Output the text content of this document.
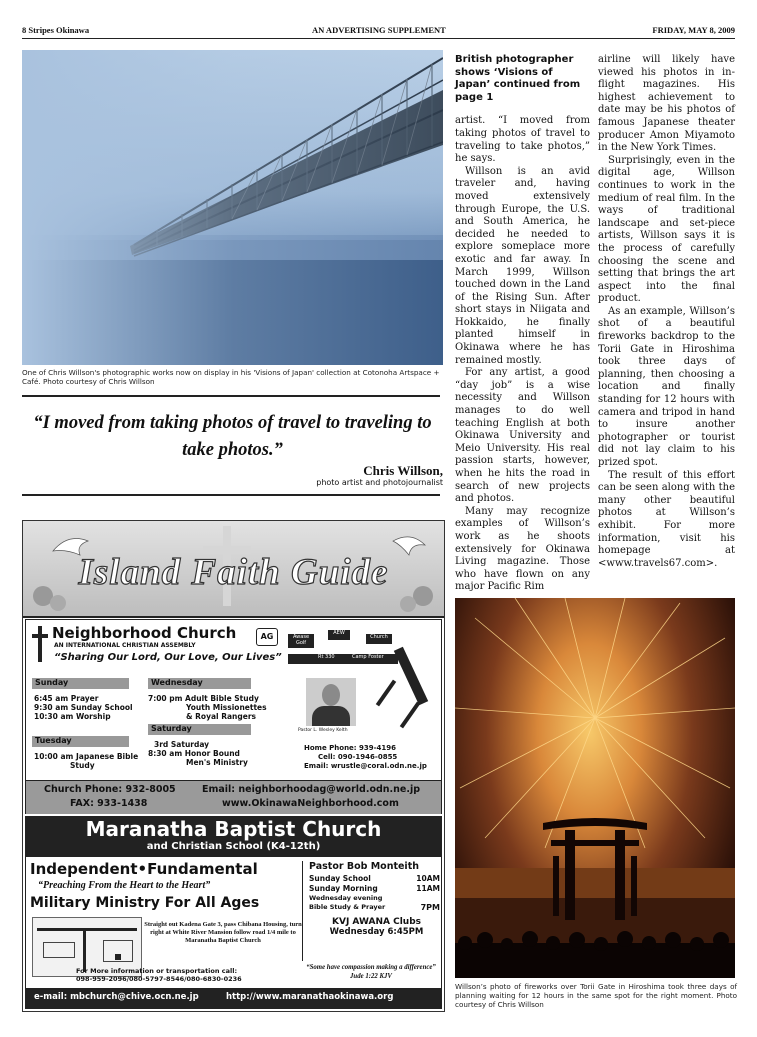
8 Stripes Okinawa	AN ADVERTISING SUPPLEMENT	FRIDAY, MAY 8, 2009
One of Chris Willson's photographic works now on display in his 'Visions of Japan' collection at Cotonoha Artspace + Café. Photo courtesy of Chris Willson
“I moved from taking photos of travel to traveling to take photos.”
Chris Willson,
photo artist and photojournalist
Island Faith Guide
Neighborhood Church	AG
AN INTERNATIONAL CHRISTIAN ASSEMBLY
“Sharing Our Lord, Our Love, Our Lives”
Awase Golf
AEW
Church
Rt 330	Camp Foster
Sunday
6:45 am Prayer
9:30 am Sunday School
10:30 am Worship
Tuesday
10:00 am Japanese Bible
Study
Wednesday
7:00 pm Adult Bible Study
Youth Missionettes
& Royal Rangers
Saturday
3rd Saturday
8:30 am Honor Bound
Men's Ministry
Pastor L. Wesley Kelth
Home Phone: 939-4196
Cell: 090-1946-0855
Email: wrustle@coral.odn.ne.jp
Church Phone: 932-8005
FAX: 933-1438
Email: neighborhoodag@world.odn.ne.jp
www.OkinawaNeighborhood.com
Maranatha Baptist Church
and Christian School (K4-12th)
Independent•Fundamental
“Preaching From the Heart to the Heart”
Military Ministry For All Ages
Straight out Kadena Gate 3, pass Chibana Housing, turn right at White River Mansion follow road 1/4 mile to Maranatha Baptist Church
Pastor Bob Monteith
Sunday School	10AM
Sunday Morning	11AM
Wednesday evening
Bible Study & Prayer	7PM
KVJ AWANA Clubs
Wednesday 6:45PM
“Some have compassion making a difference” Jude 1:22 KJV
For More information or transportation call:
098-959-2096/080-5797-8546/080-6830-0236
e-mail: mbchurch@chive.ocn.ne.jp	http://www.maranathaokinawa.org
British photographer shows ‘Visions of Japan’ continued from page 1

artist. “I moved from taking photos of travel to traveling to take photos,” he says.

Willson is an avid traveler and, having moved extensively through Europe, the U.S. and South America, he decided he needed to explore someplace more exotic and far away. In March 1999, Willson touched down in the Land of the Rising Sun. After short stays in Niigata and Hokkaido, he finally planted himself in Okinawa where he has remained mostly.

For any artist, a good “day job” is a wise necessity and Willson manages to do well teaching English at both Okinawa University and Meio University. His real passion starts, however, when he hits the road in search of new projects and photos.

Many may recognize examples of Willson’s work as he shoots extensively for Okinawa Living magazine. Those who have flown on any major Pacific Rim

airline will likely have viewed his photos in in-flight magazines. His highest achievement to date may be his photos of famous Japanese theater producer Amon Miyamoto in the New York Times.

Surprisingly, even in the digital age, Willson continues to work in the medium of real film. In the ways of traditional landscape and set-piece artists, Willson says it is the process of carefully choosing the scene and setting that brings the art aspect into the final product.

As an example, Willson’s shot of a beautiful fireworks backdrop to the Torii Gate in Hiroshima took three days of planning, then choosing a location and finally standing for 12 hours with camera and tripod in hand to insure another photographer or tourist did not lay claim to his prized spot.

The result of this effort can be seen along with the many other beautiful photos at Willson’s exhibit. For more information, visit his homepage at <www.travels67.com>.

Willson’s photo of fireworks over Torii Gate in Hiroshima took three days of planning waiting for 12 hours in the same spot for the right moment. Photo courtesy of Chris Willson
